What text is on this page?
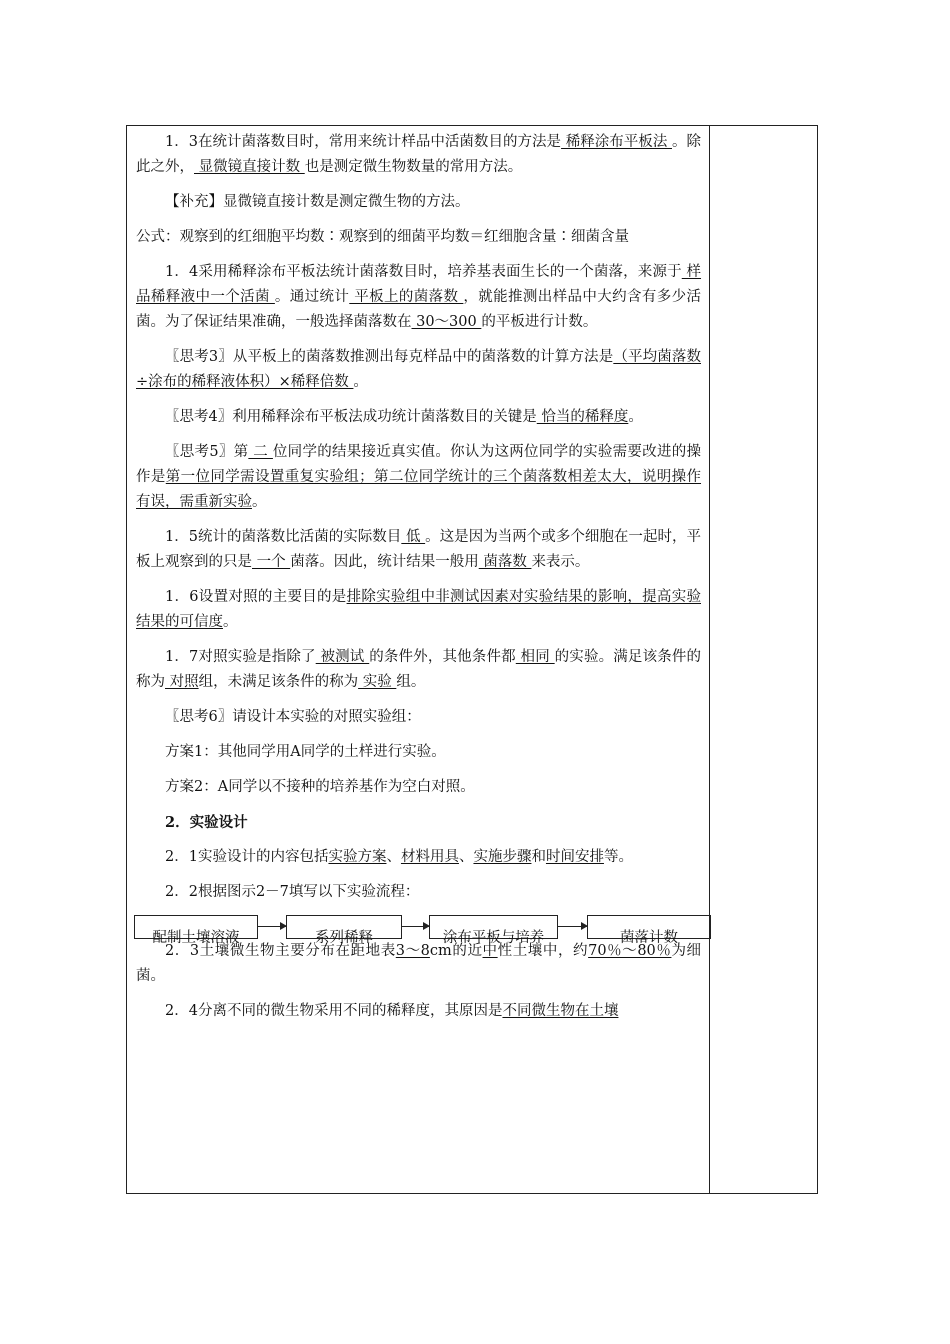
1．3在统计菌落数目时，常用来统计样品中活菌数目的方法是 稀释涂布平板法 。除此之外， 显微镜直接计数 也是测定微生物数量的常用方法。

【补充】显微镜直接计数是测定微生物的方法。

公式：观察到的红细胞平均数∶观察到的细菌平均数＝红细胞含量∶细菌含量

1．4采用稀释涂布平板法统计菌落数目时，培养基表面生长的一个菌落，来源于 样品稀释液中一个活菌 。通过统计 平板上的菌落数 ，就能推测出样品中大约含有多少活菌。为了保证结果准确，一般选择菌落数在 30～300 的平板进行计数。

〖思考3〗从平板上的菌落数推测出每克样品中的菌落数的计算方法是（平均菌落数÷涂布的稀释液体积）×稀释倍数 。

〖思考4〗利用稀释涂布平板法成功统计菌落数目的关键是 恰当的稀释度。

〖思考5〗第 二 位同学的结果接近真实值。你认为这两位同学的实验需要改进的操作是第一位同学需设置重复实验组；第二位同学统计的三个菌落数相差太大，说明操作有误，需重新实验。

1．5统计的菌落数比活菌的实际数目 低 。这是因为当两个或多个细胞在一起时，平板上观察到的只是 一个 菌落。因此，统计结果一般用 菌落数 来表示。

1．6设置对照的主要目的是排除实验组中非测试因素对实验结果的影响，提高实验结果的可信度。

1．7对照实验是指除了 被测试 的条件外，其他条件都 相同 的实验。满足该条件的称为 对照组，未满足该条件的称为 实验 组。

〖思考6〗请设计本实验的对照实验组：

方案1：其他同学用A同学的土样进行实验。

方案2：A同学以不接种的培养基作为空白对照。

2．实验设计

2．1实验设计的内容包括实验方案、材料用具、实施步骤和时间安排等。

2．2根据图示2－7填写以下实验流程：

配制土壤溶液	系列稀释	涂布平板与培养	菌落计数

2．3土壤微生物主要分布在距地表3～8cm的近中性土壤中，约70％～80％为细菌。

2．4分离不同的微生物采用不同的稀释度，其原因是不同微生物在土壤
